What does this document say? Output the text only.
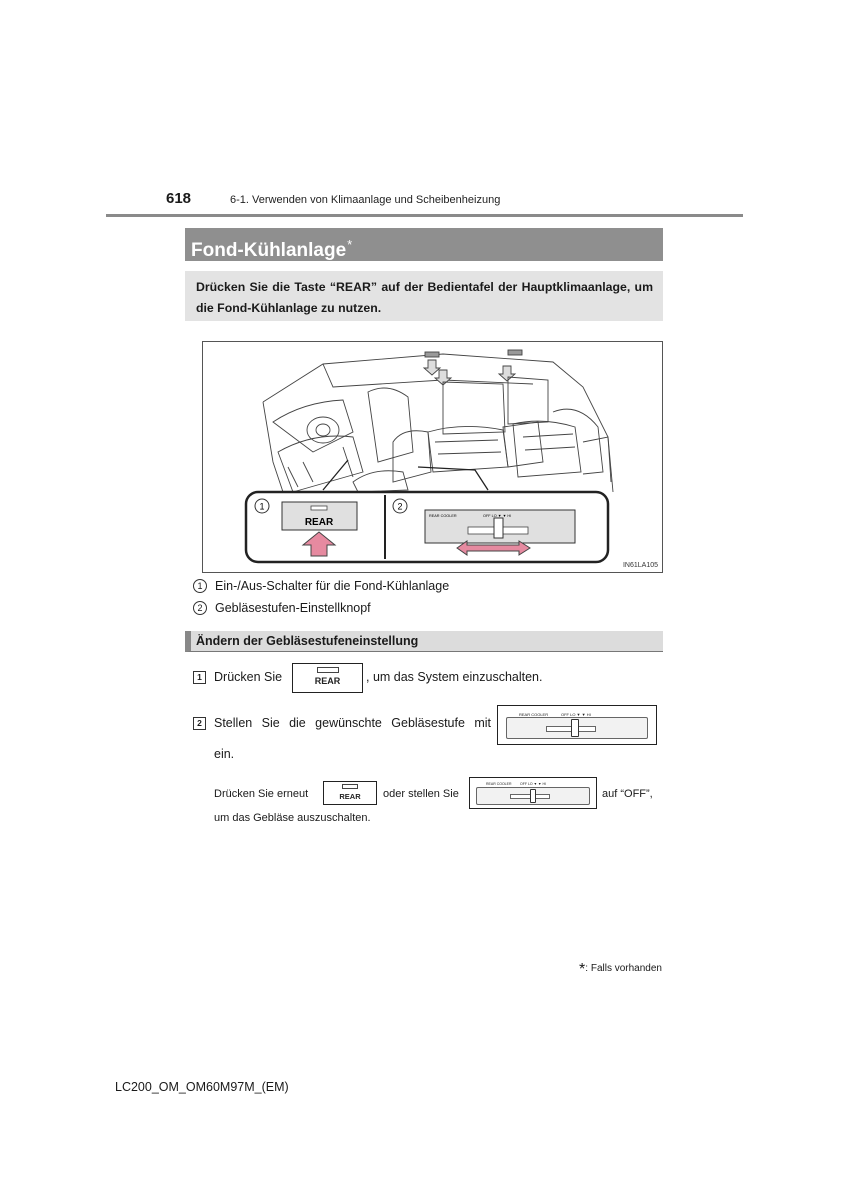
618	6-1. Verwenden von Klimaanlage und Scheibenheizung
Fond-Kühlanlage*
Drücken Sie die Taste “REAR” auf der Bedientafel der Hauptklimaanlage, um die Fond-Kühlanlage zu nutzen.
1
REAR
2
REAR COOLER	OFF LO ▼ ▼ HI
IN61LA105
1	Ein-/Aus-Schalter für die Fond-Kühlanlage
2	Gebläsestufen-Einstellknopf
Ändern der Gebläsestufeneinstellung
1 Drücken Sie	REAR	, um das System einzuschalten.
2 Stellen Sie die gewünschte Gebläsestufe mit
REAR COOLER	OFF LO ▼ ▼ HI
ein.
Drücken Sie erneut	REAR	oder stellen Sie
REAR COOLER OFF LO ▼ ▼ HI
auf “OFF”,
um das Gebläse auszuschalten.
*: Falls vorhanden
LC200_OM_OM60M97M_(EM)
